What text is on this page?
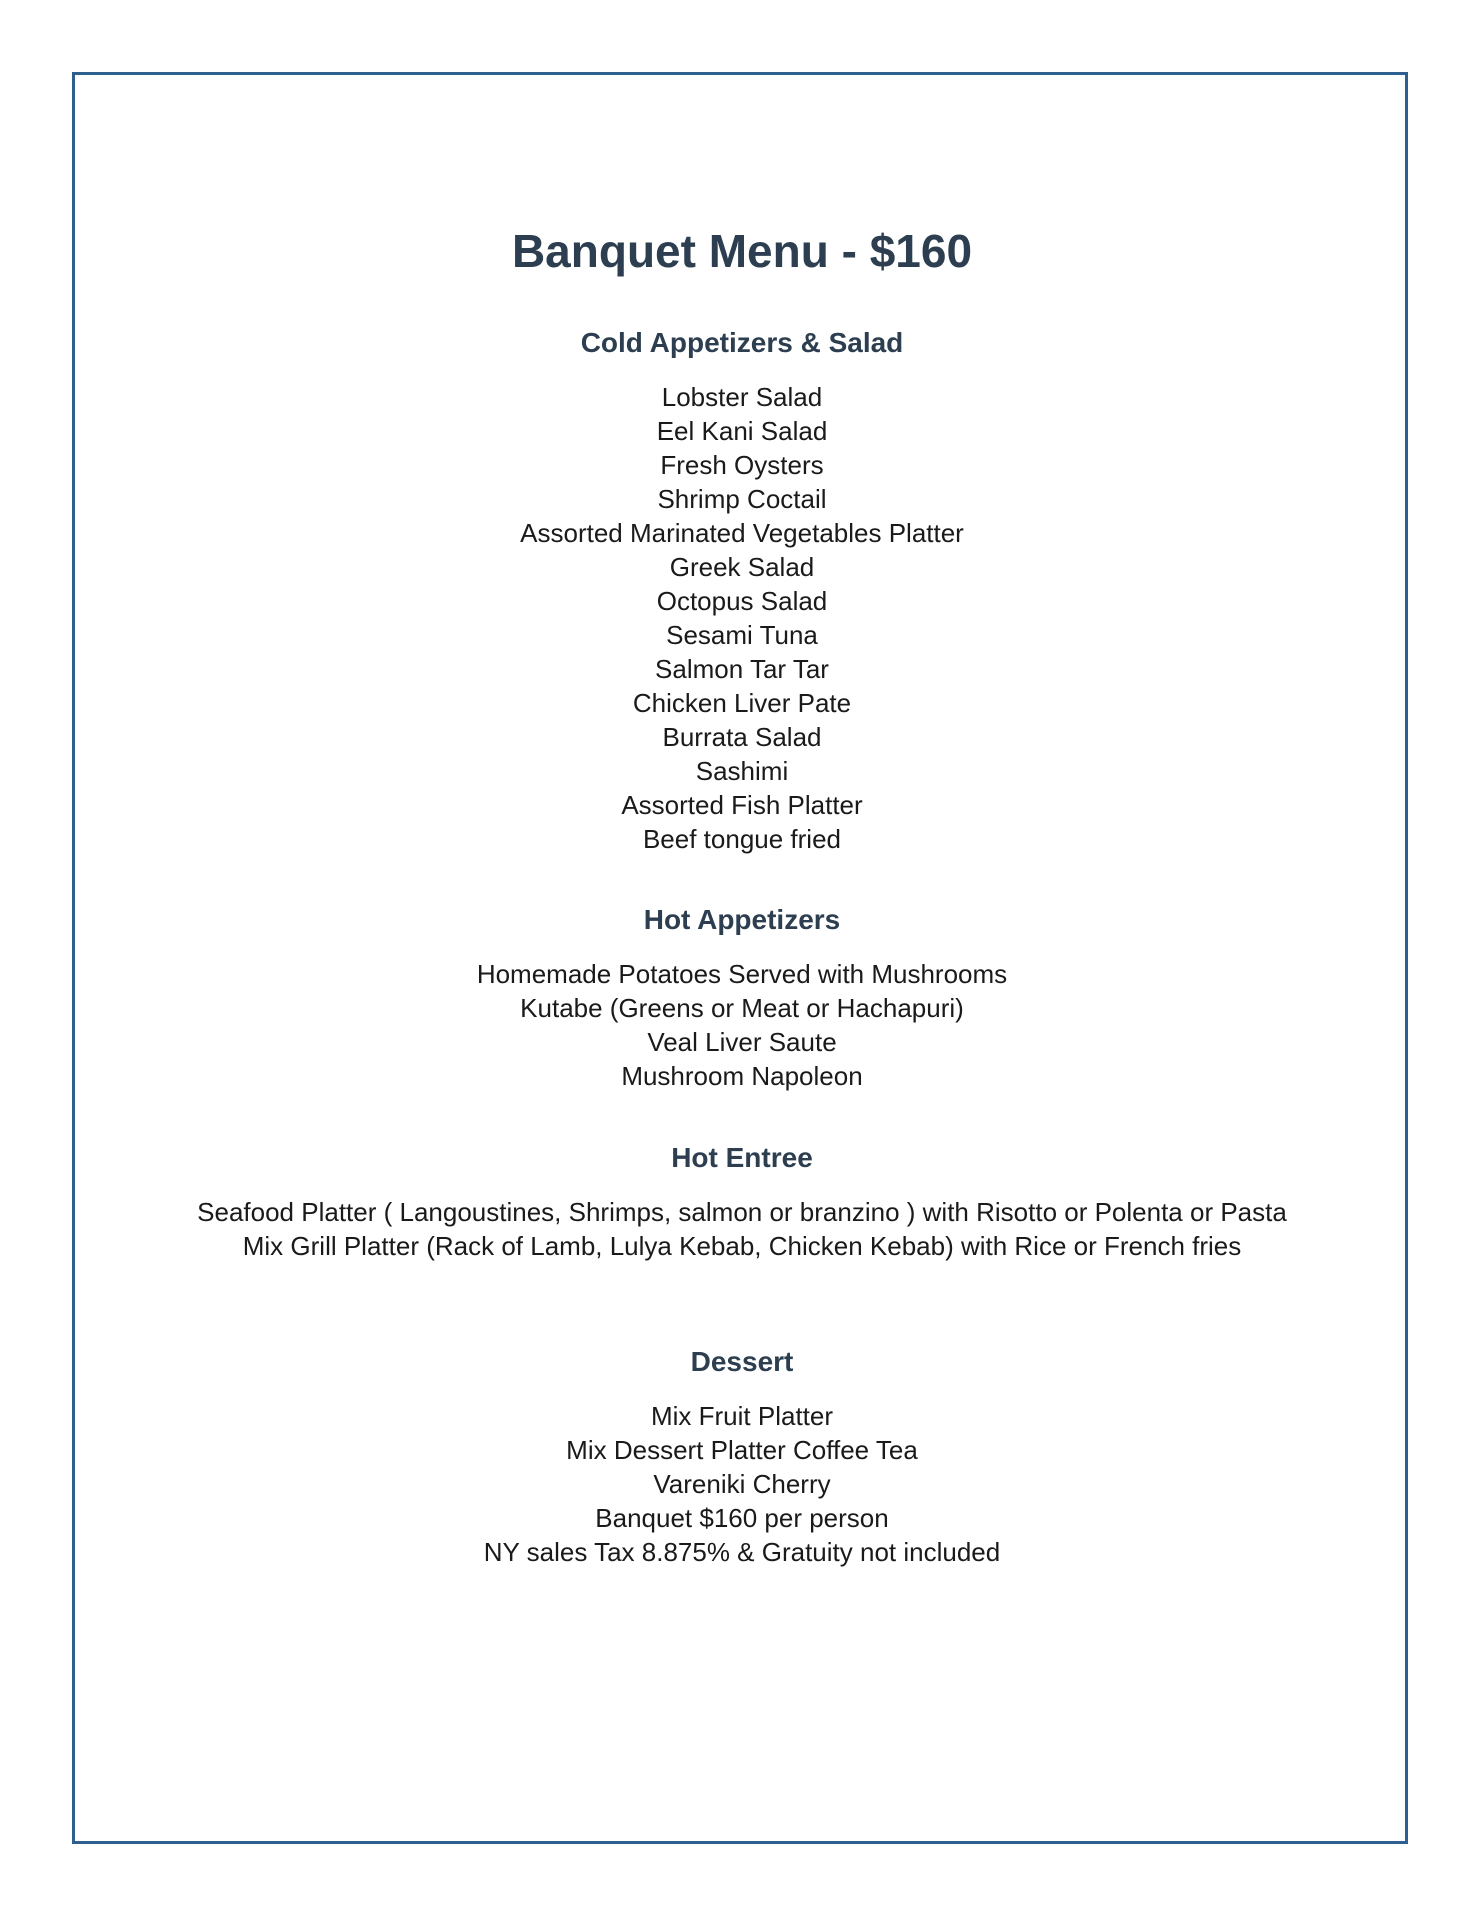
Banquet Menu - $160
Cold Appetizers & Salad
Lobster Salad
Eel Kani Salad
Fresh Oysters
Shrimp Coctail
Assorted Marinated Vegetables Platter
Greek Salad
Octopus Salad
Sesami Tuna
Salmon Tar Tar
Chicken Liver Pate
Burrata Salad
Sashimi
Assorted Fish Platter
Beef tongue fried
Hot Appetizers
Homemade Potatoes Served with Mushrooms
Kutabe (Greens or Meat or Hachapuri)
Veal Liver Saute
Mushroom Napoleon
Hot Entree
Seafood Platter ( Langoustines, Shrimps, salmon or branzino ) with Risotto or Polenta or Pasta
Mix Grill Platter (Rack of Lamb, Lulya Kebab, Chicken Kebab) with Rice or French fries
Dessert
Mix Fruit Platter
Mix Dessert Platter Coffee Tea
Vareniki Cherry
Banquet $160 per person
NY sales Tax 8.875% & Gratuity not included
